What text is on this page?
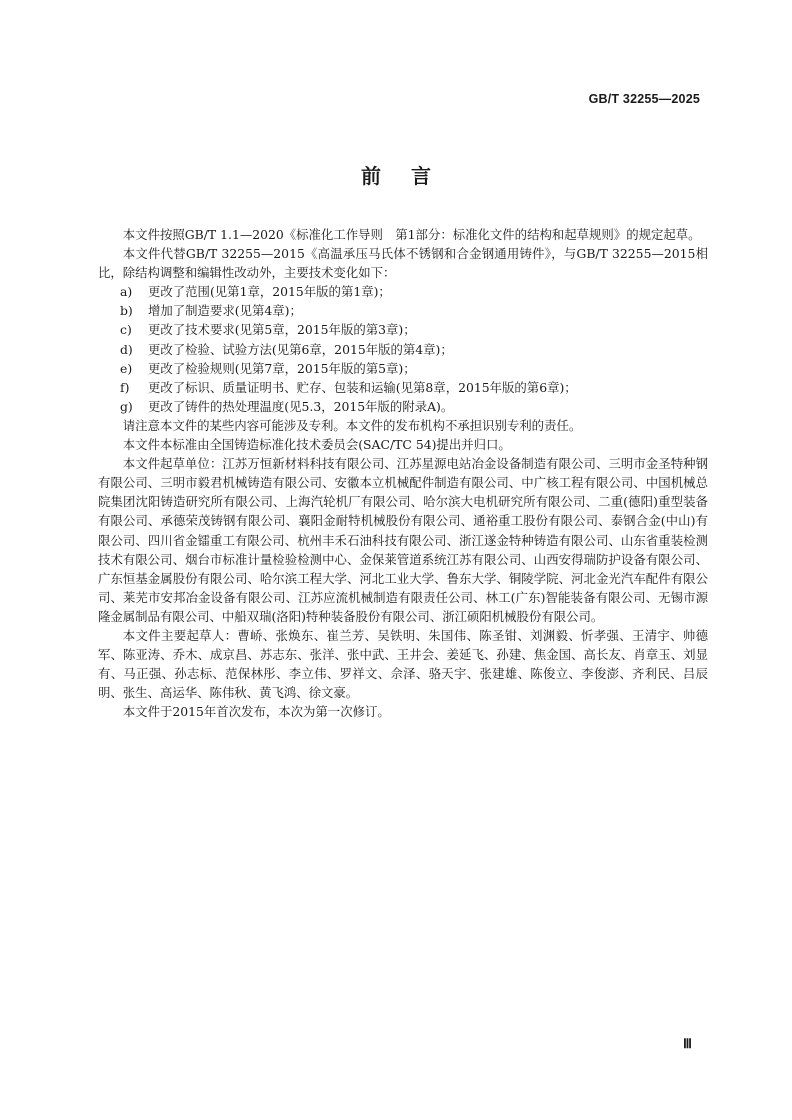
GB/T 32255—2025
前言

本文件按照GB/T 1.1—2020《标准化工作导则　第1部分：标准化文件的结构和起草规则》的规定起草。

本文件代替GB/T 32255—2015《高温承压马氏体不锈钢和合金钢通用铸件》，与GB/T 32255—2015相比，除结构调整和编辑性改动外，主要技术变化如下：

a) 更改了范围(见第1章，2015年版的第1章)；
b) 增加了制造要求(见第4章)；
c) 更改了技术要求(见第5章，2015年版的第3章)；
d) 更改了检验、试验方法(见第6章，2015年版的第4章)；
e) 更改了检验规则(见第7章，2015年版的第5章)；
f) 更改了标识、质量证明书、贮存、包装和运输(见第8章，2015年版的第6章)；
g) 更改了铸件的热处理温度(见5.3，2015年版的附录A)。

请注意本文件的某些内容可能涉及专利。本文件的发布机构不承担识别专利的责任。

本文件本标准由全国铸造标准化技术委员会(SAC/TC 54)提出并归口。

本文件起草单位：江苏万恒新材料科技有限公司、江苏星源电站冶金设备制造有限公司、三明市金圣特种钢有限公司、三明市毅君机械铸造有限公司、安徽本立机械配件制造有限公司、中广核工程有限公司、中国机械总院集团沈阳铸造研究所有限公司、上海汽轮机厂有限公司、哈尔滨大电机研究所有限公司、二重(德阳)重型装备有限公司、承德荣茂铸钢有限公司、襄阳金耐特机械股份有限公司、通裕重工股份有限公司、泰钢合金(中山)有限公司、四川省金镭重工有限公司、杭州丰禾石油科技有限公司、浙江遂金特种铸造有限公司、山东省重装检测技术有限公司、烟台市标准计量检验检测中心、金保莱管道系统江苏有限公司、山西安得瑞防护设备有限公司、广东恒基金属股份有限公司、哈尔滨工程大学、河北工业大学、鲁东大学、铜陵学院、河北金光汽车配件有限公司、莱芜市安邦冶金设备有限公司、江苏应流机械制造有限责任公司、林工(广东)智能装备有限公司、无锡市源隆金属制品有限公司、中船双瑞(洛阳)特种装备股份有限公司、浙江硕阳机械股份有限公司。

本文件主要起草人：曹峤、张焕东、崔兰芳、吴铁明、朱国伟、陈圣钳、刘渊毅、忻孝强、王清宇、帅德军、陈亚涛、乔木、成京昌、苏志东、张洋、张中武、王井会、姜延飞、孙建、焦金国、高长友、肖章玉、刘显有、马正强、孙志标、范保林彤、李立伟、罗祥文、佘泽、骆天宇、张建雄、陈俊立、李俊澎、齐利民、吕辰明、张生、高运华、陈伟秋、黄飞鸿、徐文豪。

本文件于2015年首次发布，本次为第一次修订。

Ⅲ
